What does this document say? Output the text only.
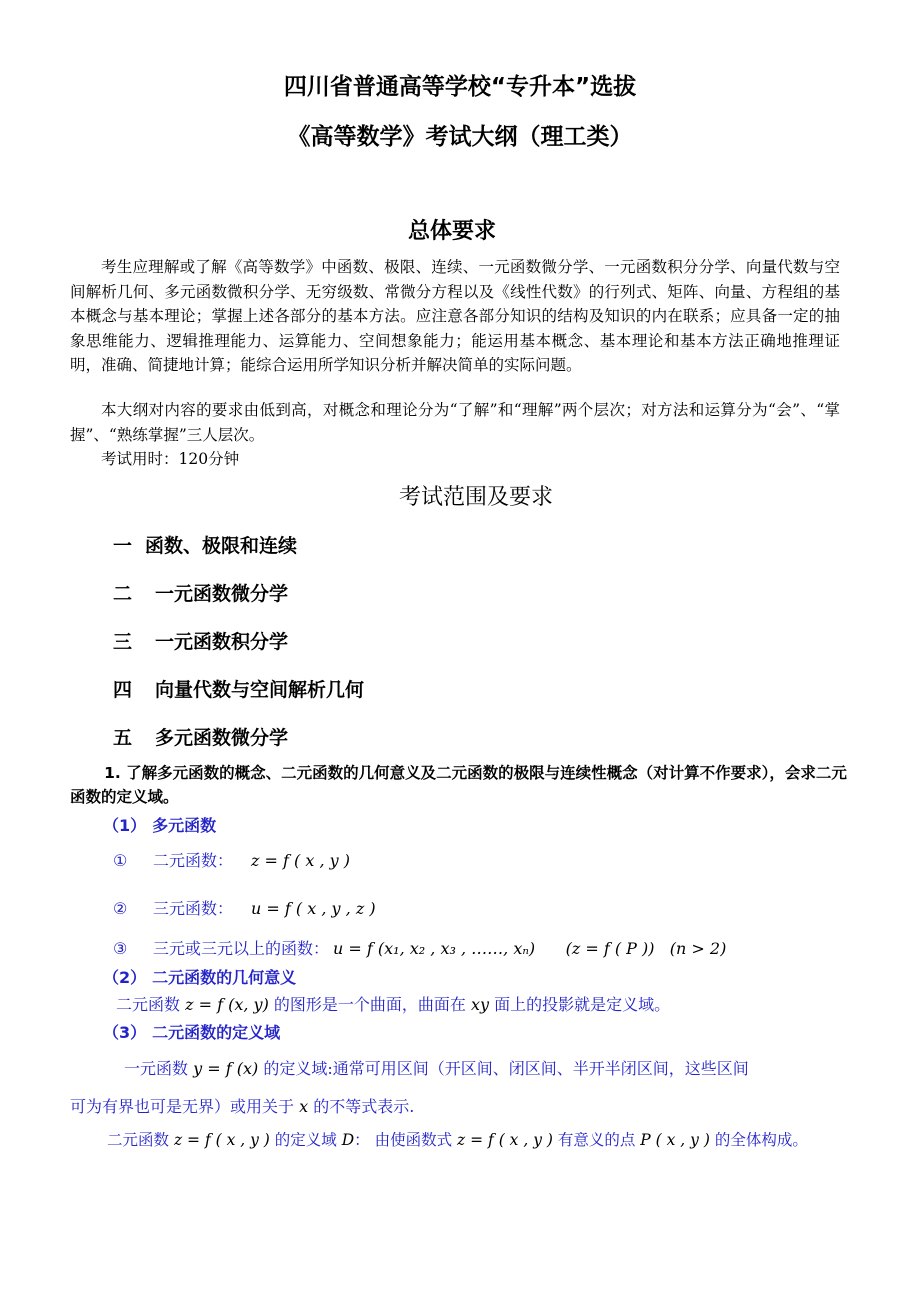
四川省普通高等学校“专升本”选拔
《高等数学》考试大纲（理工类）
总体要求
考生应理解或了解《高等数学》中函数、极限、连续、一元函数微分学、一元函数积分分学、向量代数与空间解析几何、多元函数微积分学、无穷级数、常微分方程以及《线性代数》的行列式、矩阵、向量、方程组的基本概念与基本理论；掌握上述各部分的基本方法。应注意各部分知识的结构及知识的内在联系；应具备一定的抽象思维能力、逻辑推理能力、运算能力、空间想象能力；能运用基本概念、基本理论和基本方法正确地推理证明，准确、简捷地计算；能综合运用所学知识分析并解决简单的实际问题。
本大纲对内容的要求由低到高，对概念和理论分为“了解”和“理解”两个层次；对方法和运算分为“会”、“掌握”、“熟练掌握”三人层次。
考试用时：120分钟
考试范围及要求
一 函数、极限和连续
二 一元函数微分学
三 一元函数积分学
四 向量代数与空间解析几何
五 多元函数微分学
1. 了解多元函数的概念、二元函数的几何意义及二元函数的极限与连续性概念（对计算不作要求），会求二元函数的定义域。
（1） 多元函数
① 二元函数： z = f ( x , y )
② 三元函数： u = f ( x , y , z )
③ 三元或三元以上的函数： u = f (x₁, x₂ , x₃ , ……, xₙ)      (z = f ( P ))   (n > 2)
（2） 二元函数的几何意义
二元函数 z = f (x, y) 的图形是一个曲面，曲面在 xy 面上的投影就是定义域。
（3） 二元函数的定义域
一元函数 y = f (x) 的定义域:通常可用区间（开区间、闭区间、半开半闭区间，这些区间
可为有界也可是无界）或用关于 x 的不等式表示.
二元函数 z = f ( x , y ) 的定义域 D： 由使函数式 z = f ( x , y ) 有意义的点 P ( x , y ) 的全体构成。
